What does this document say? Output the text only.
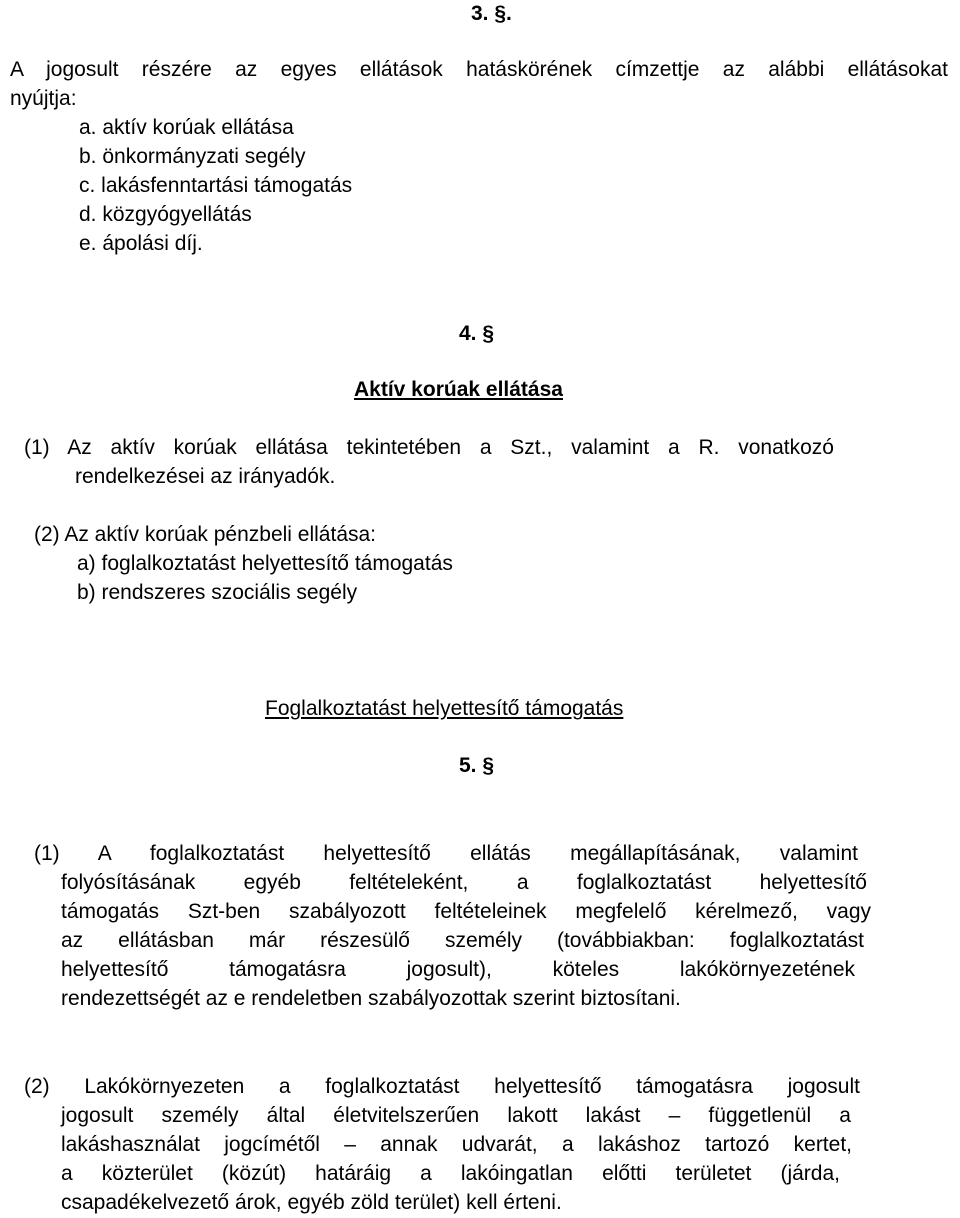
3. §.
A jogosult részére az egyes ellátások hatáskörének címzettje az alábbi ellátásokat
nyújtja:
a. aktív korúak ellátása
b. önkormányzati segély
c. lakásfenntartási támogatás
d. közgyógyellátás
e. ápolási díj.
4. §
Aktív korúak ellátása
(1) Az aktív korúak ellátása tekintetében a Szt., valamint a R. vonatkozó
rendelkezései az irányadók.
(2) Az aktív korúak pénzbeli ellátása:
a) foglalkoztatást helyettesítő támogatás
b) rendszeres szociális segély
Foglalkoztatást helyettesítő támogatás
5. §
(1) A foglalkoztatást helyettesítő ellátás megállapításának, valamint
folyósításának egyéb feltételeként, a foglalkoztatást helyettesítő
támogatás Szt-ben szabályozott feltételeinek megfelelő kérelmező, vagy
az ellátásban már részesülő személy (továbbiakban: foglalkoztatást
helyettesítő támogatásra jogosult), köteles lakókörnyezetének
rendezettségét az e rendeletben szabályozottak szerint biztosítani.
(2) Lakókörnyezeten a foglalkoztatást helyettesítő támogatásra jogosult
jogosult személy által életvitelszerűen lakott lakást – függetlenül a
lakáshasználat jogcímétől – annak udvarát, a lakáshoz tartozó kertet,
a közterület (közút) határáig a lakóingatlan előtti területet (járda,
csapadékelvezető árok, egyéb zöld terület) kell érteni.
